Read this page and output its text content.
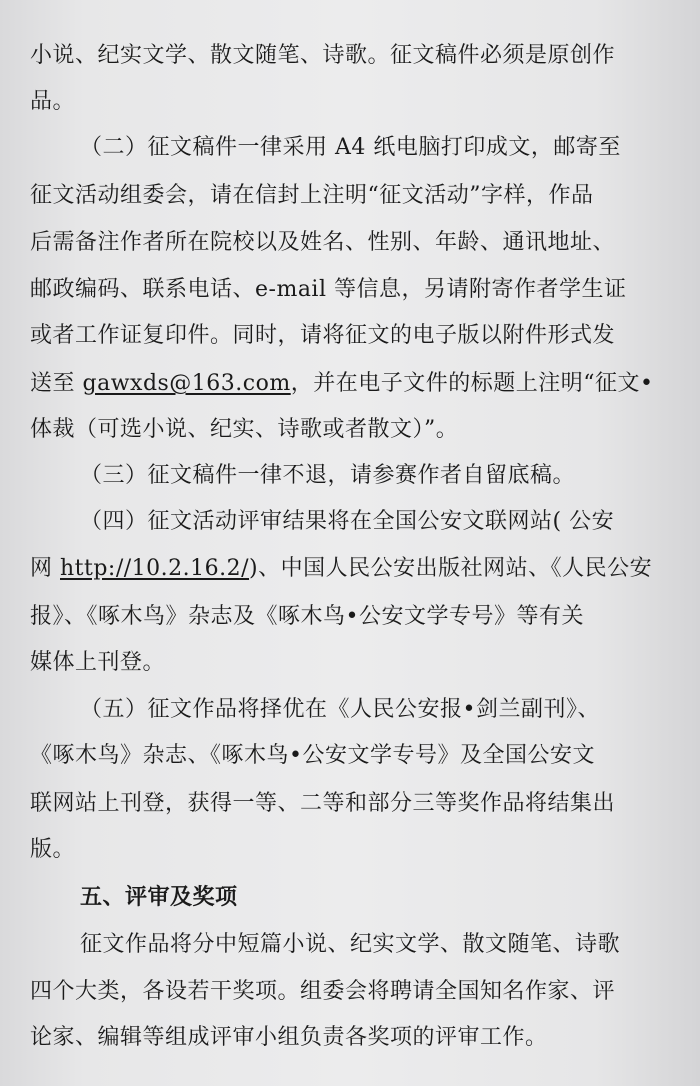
小说、纪实文学、散文随笔、诗歌。征文稿件必须是原创作
品。
（二）征文稿件一律采用 A4 纸电脑打印成文，邮寄至
征文活动组委会，请在信封上注明“征文活动”字样，作品
后需备注作者所在院校以及姓名、性别、年龄、通讯地址、
邮政编码、联系电话、e-mail 等信息，另请附寄作者学生证
或者工作证复印件。同时，请将征文的电子版以附件形式发
送至 gawxds@163.com，并在电子文件的标题上注明“征文•
体裁（可选小说、纪实、诗歌或者散文）”。
（三）征文稿件一律不退，请参赛作者自留底稿。
（四）征文活动评审结果将在全国公安文联网站( 公安
网 http://10.2.16.2/)、中国人民公安出版社网站、《人民公安
报》、《啄木鸟》杂志及《啄木鸟•公安文学专号》等有关
媒体上刊登。
（五）征文作品将择优在《人民公安报•剑兰副刊》、
《啄木鸟》杂志、《啄木鸟•公安文学专号》及全国公安文
联网站上刊登，获得一等、二等和部分三等奖作品将结集出
版。
五、评审及奖项
征文作品将分中短篇小说、纪实文学、散文随笔、诗歌
四个大类，各设若干奖项。组委会将聘请全国知名作家、评
论家、编辑等组成评审小组负责各奖项的评审工作。
